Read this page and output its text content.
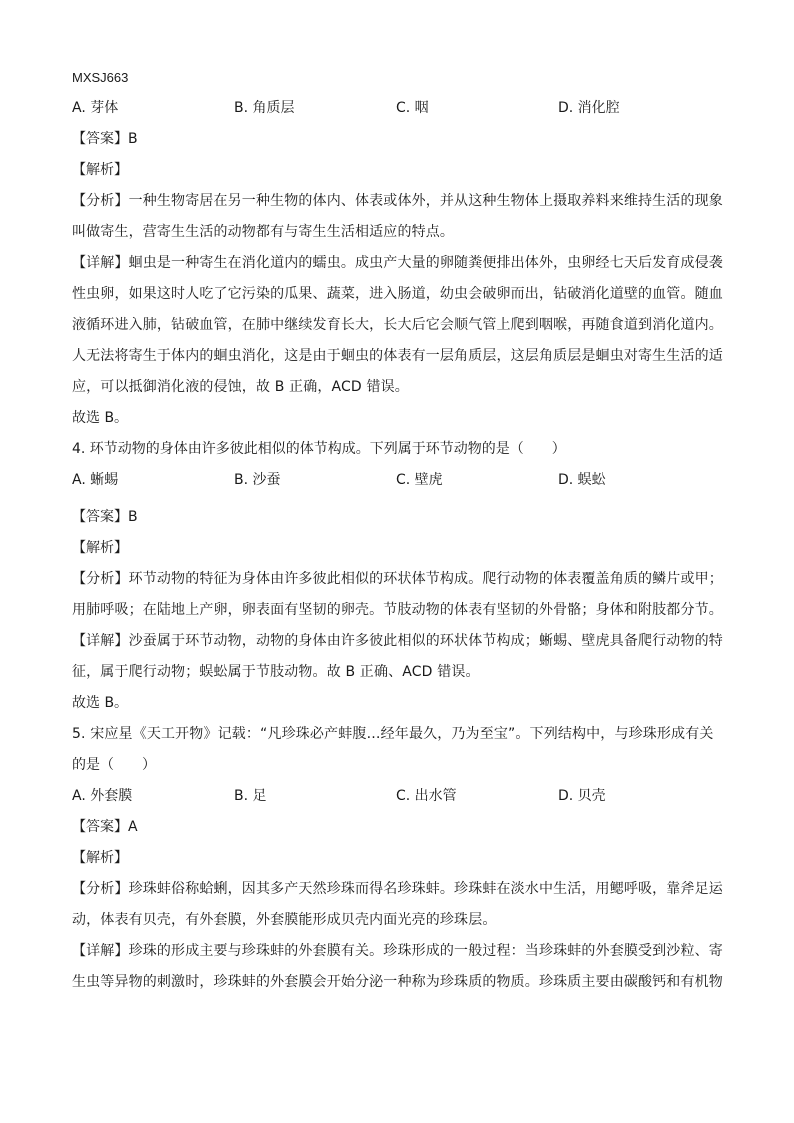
MXSJ663
A. 芽体	B. 角质层	C. 咽	D. 消化腔
【答案】B
【解析】
【分析】一种生物寄居在另一种生物的体内、体表或体外，并从这种生物体上摄取养料来维持生活的现象
叫做寄生，营寄生生活的动物都有与寄生生活相适应的特点。
【详解】蛔虫是一种寄生在消化道内的蠕虫。成虫产大量的卵随粪便排出体外，虫卵经七天后发育成侵袭
性虫卵，如果这时人吃了它污染的瓜果、蔬菜，进入肠道，幼虫会破卵而出，钻破消化道壁的血管。随血
液循环进入肺，钻破血管，在肺中继续发育长大，长大后它会顺气管上爬到咽喉，再随食道到消化道内。
人无法将寄生于体内的蛔虫消化，这是由于蛔虫的体表有一层角质层，这层角质层是蛔虫对寄生生活的适
应，可以抵御消化液的侵蚀，故 B 正确，ACD 错误。
故选 B。
4. 环节动物的身体由许多彼此相似的体节构成。下列属于环节动物的是（　　）
A. 蜥蜴	B. 沙蚕	C. 壁虎	D. 蜈蚣
【答案】B
【解析】
【分析】环节动物的特征为身体由许多彼此相似的环状体节构成。爬行动物的体表覆盖角质的鳞片或甲；
用肺呼吸；在陆地上产卵，卵表面有坚韧的卵壳。节肢动物的体表有坚韧的外骨骼；身体和附肢都分节。
【详解】沙蚕属于环节动物，动物的身体由许多彼此相似的环状体节构成；蜥蜴、壁虎具备爬行动物的特
征，属于爬行动物；蜈蚣属于节肢动物。故 B 正确、ACD 错误。
故选 B。
5. 宋应星《天工开物》记载：“凡珍珠必产蚌腹…经年最久，乃为至宝”。下列结构中，与珍珠形成有关
的是（　　）
A. 外套膜	B. 足	C. 出水管	D. 贝壳
【答案】A
【解析】
【分析】珍珠蚌俗称蛤蜊，因其多产天然珍珠而得名珍珠蚌。珍珠蚌在淡水中生活，用鳃呼吸，靠斧足运
动，体表有贝壳，有外套膜，外套膜能形成贝壳内面光亮的珍珠层。
【详解】珍珠的形成主要与珍珠蚌的外套膜有关。珍珠形成的一般过程：当珍珠蚌的外套膜受到沙粒、寄
生虫等异物的刺激时，珍珠蚌的外套膜会开始分泌一种称为珍珠质的物质。珍珠质主要由碳酸钙和有机物
